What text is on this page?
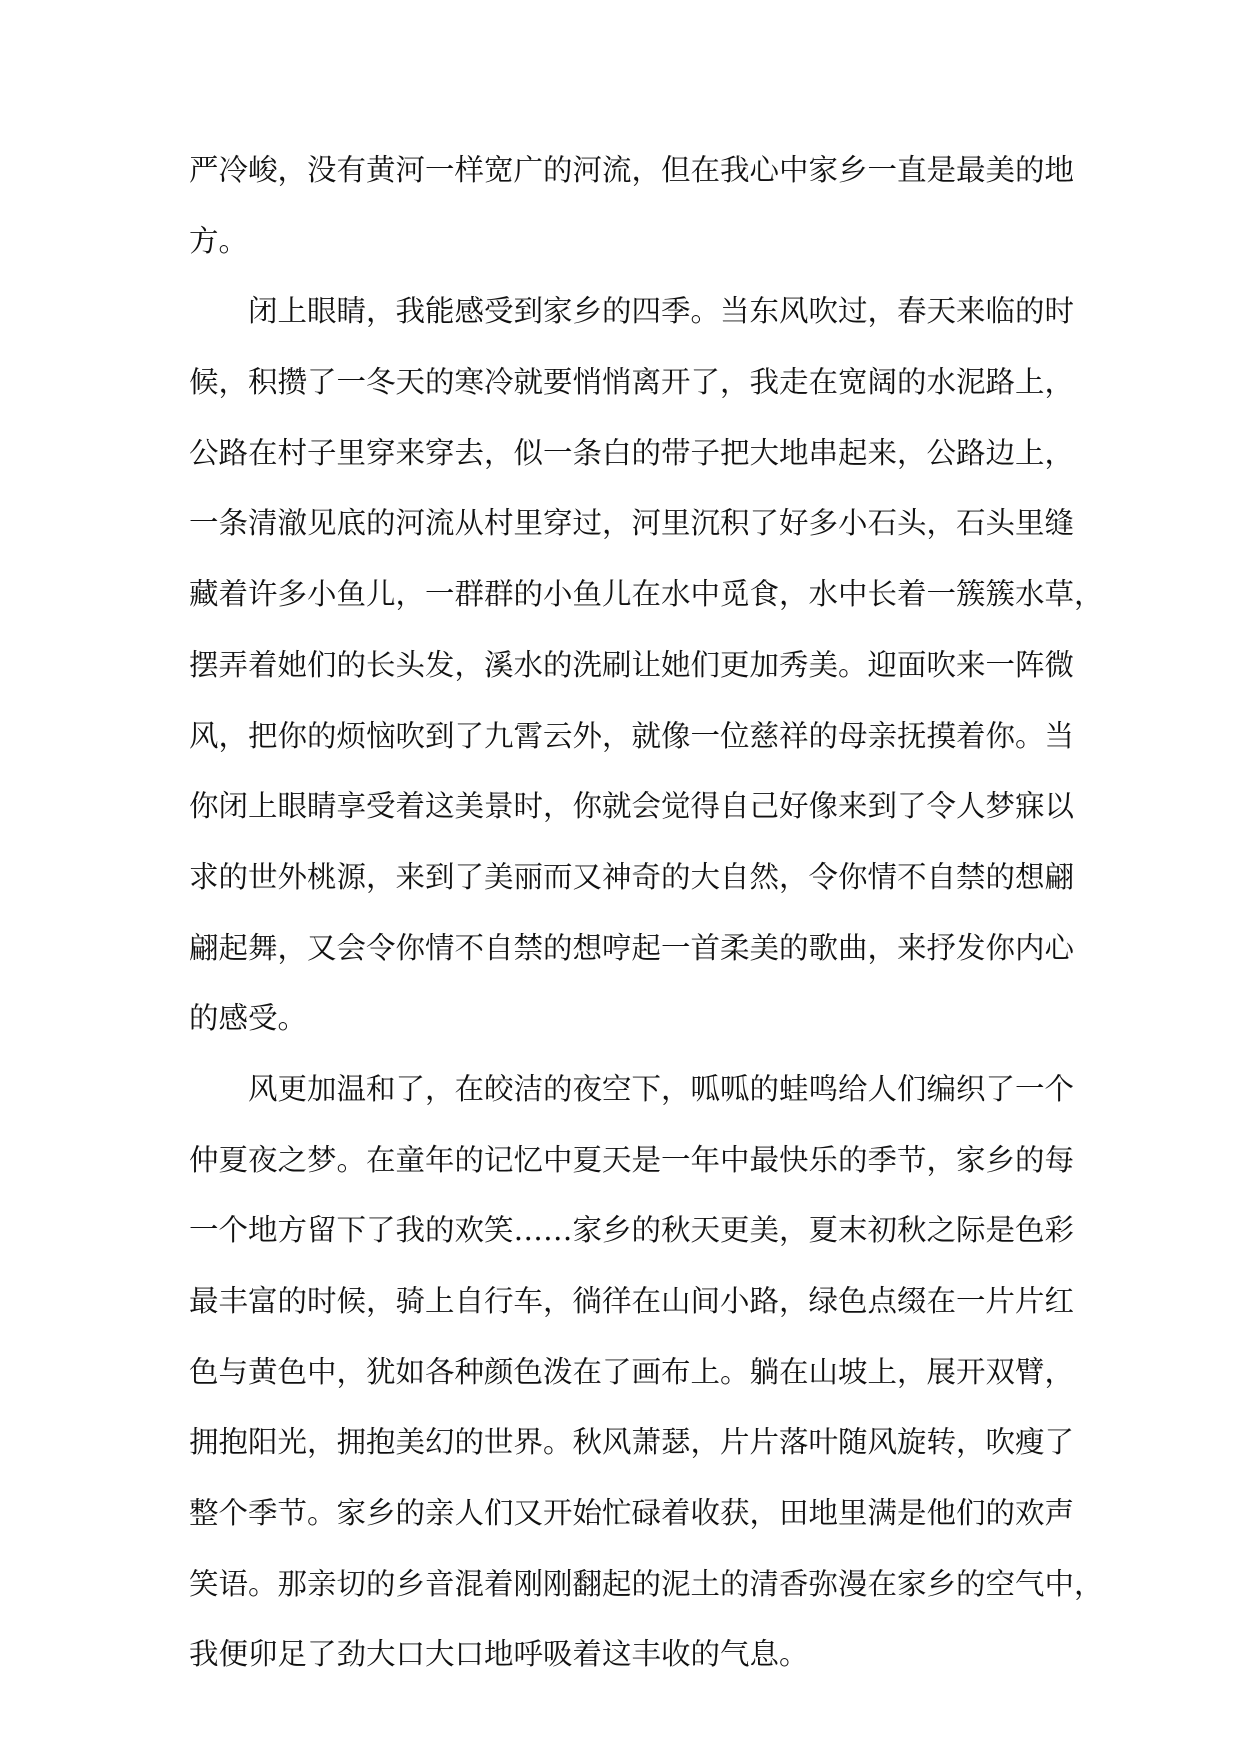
严冷峻，没有黄河一样宽广的河流，但在我心中家乡一直是最美的地
方。
闭上眼睛，我能感受到家乡的四季。当东风吹过，春天来临的时
候，积攒了一冬天的寒冷就要悄悄离开了，我走在宽阔的水泥路上，
公路在村子里穿来穿去，似一条白的带子把大地串起来，公路边上，
一条清澈见底的河流从村里穿过，河里沉积了好多小石头，石头里缝
藏着许多小鱼儿，一群群的小鱼儿在水中觅食，水中长着一簇簇水草，
摆弄着她们的长头发，溪水的洗刷让她们更加秀美。迎面吹来一阵微
风，把你的烦恼吹到了九霄云外，就像一位慈祥的母亲抚摸着你。当
你闭上眼睛享受着这美景时，你就会觉得自己好像来到了令人梦寐以
求的世外桃源，来到了美丽而又神奇的大自然，令你情不自禁的想翩
翩起舞，又会令你情不自禁的想哼起一首柔美的歌曲，来抒发你内心
的感受。
风更加温和了，在皎洁的夜空下，呱呱的蛙鸣给人们编织了一个
仲夏夜之梦。在童年的记忆中夏天是一年中最快乐的季节，家乡的每
一个地方留下了我的欢笑……家乡的秋天更美，夏末初秋之际是色彩
最丰富的时候，骑上自行车，徜徉在山间小路，绿色点缀在一片片红
色与黄色中，犹如各种颜色泼在了画布上。躺在山坡上，展开双臂，
拥抱阳光，拥抱美幻的世界。秋风萧瑟，片片落叶随风旋转，吹瘦了
整个季节。家乡的亲人们又开始忙碌着收获，田地里满是他们的欢声
笑语。那亲切的乡音混着刚刚翻起的泥土的清香弥漫在家乡的空气中，
我便卯足了劲大口大口地呼吸着这丰收的气息。
